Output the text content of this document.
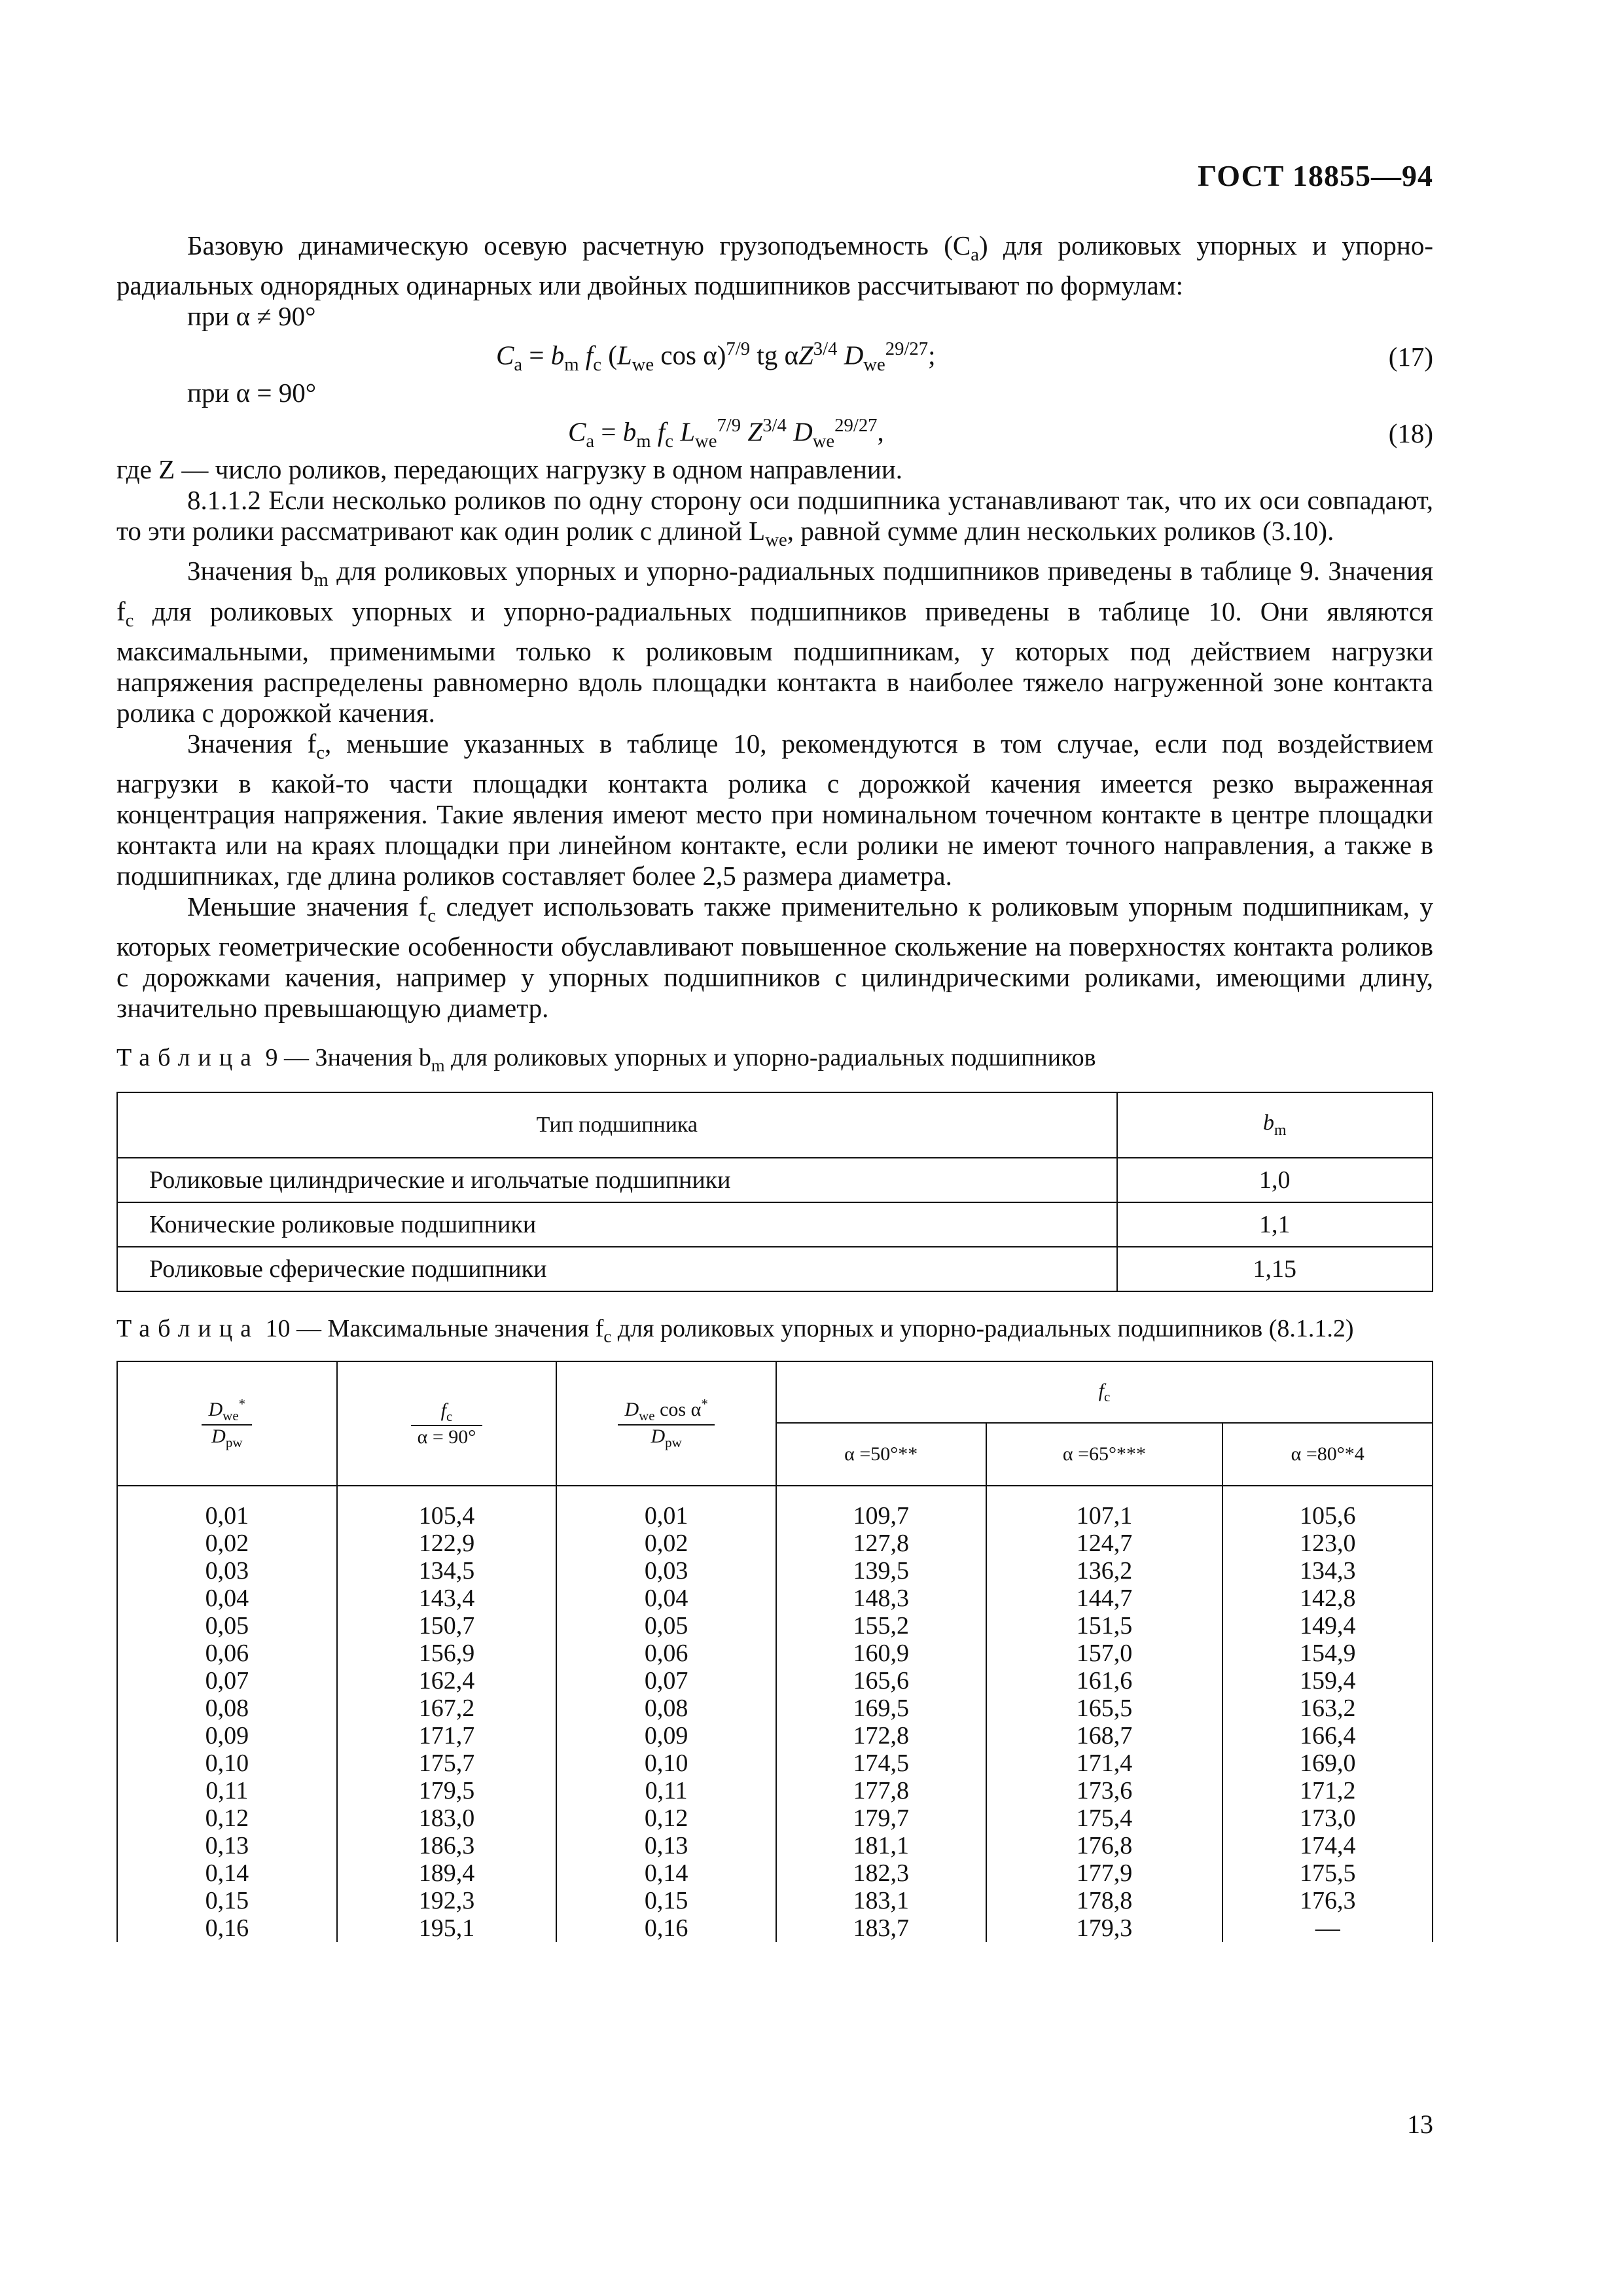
ГОСТ 18855—94

Базовую динамическую осевую расчетную грузоподъемность $(C_a)$ для роликовых упорных и упорно-радиальных однорядных одинарных или двойных подшипников рассчитывают по формулам:

при α ≠ 90°
$C_a = b_m$ $f_c$ ($L_{we}$ cos α)$^{7/9}$ tg $\alpha Z^{3/4}$ $D_{we}^{29/27}$;	(17)
при α = 90°
$C_a = b_m$ $f_c$ $L_{we}^{7/9}$ $Z^{3/4}$ $D_{we}^{29/27}$,	(18)

где Z — число роликов, передающих нагрузку в одном направлении.

8.1.1.2 Если несколько роликов по одну сторону оси подшипника устанавливают так, что их оси совпадают, то эти ролики рассматривают как один ролик с длиной $L_{we}$, равной сумме длин нескольких роликов (3.10).

Значения $b_m$ для роликовых упорных и упорно-радиальных подшипников приведены в таблице 9. Значения $f_c$ для роликовых упорных и упорно-радиальных подшипников приведены в таблице 10. Они являются максимальными, применимыми только к роликовым подшипникам, у которых под действием нагрузки напряжения распределены равномерно вдоль площадки контакта в наиболее тяжело нагруженной зоне контакта ролика с дорожкой качения.

Значения $f_c$, меньшие указанных в таблице 10, рекомендуются в том случае, если под воздействием нагрузки в какой-то части площадки контакта ролика с дорожкой качения имеется резко выраженная концентрация напряжения. Такие явления имеют место при номинальном точечном контакте в центре площадки контакта или на краях площадки при линейном контакте, если ролики не имеют точного направления, а также в подшипниках, где длина роликов составляет более 2,5 размера диаметра.

Меньшие значения $f_c$ следует использовать также применительно к роликовым упорным подшипникам, у которых геометрические особенности обуславливают повышенное скольжение на поверхностях контакта роликов с дорожками качения, например у упорных подшипников с цилиндрическими роликами, имеющими длину, значительно превышающую диаметр.

Таблица 9 — Значения $b_m$ для роликовых упорных и упорно-радиальных подшипников
Тип подшипника	$b_m$
Роликовые цилиндрические и игольчатые подшипники	1,0
Конические роликовые подшипники	1,1
Роликовые сферические подшипники	1,15
Таблица 10 — Максимальные значения $f_c$ для роликовых упорных и упорно-радиальных подшипников (8.1.1.2)
$\frac{D_{we}^*}{D_{pw}}$	$\frac{f_c}{\alpha = 90^\circ}$	$\frac{D_{we} \cos \alpha^*}{D_{pw}}$	$f_c$
			α =50°**	α =65°***	α =80°*4
0,01	105,4	0,01	109,7	107,1	105,6
0,02	122,9	0,02	127,8	124,7	123,0
0,03	134,5	0,03	139,5	136,2	134,3
0,04	143,4	0,04	148,3	144,7	142,8
0,05	150,7	0,05	155,2	151,5	149,4
0,06	156,9	0,06	160,9	157,0	154,9
0,07	162,4	0,07	165,6	161,6	159,4
0,08	167,2	0,08	169,5	165,5	163,2
0,09	171,7	0,09	172,8	168,7	166,4
0,10	175,7	0,10	174,5	171,4	169,0
0,11	179,5	0,11	177,8	173,6	171,2
0,12	183,0	0,12	179,7	175,4	173,0
0,13	186,3	0,13	181,1	176,8	174,4
0,14	189,4	0,14	182,3	177,9	175,5
0,15	192,3	0,15	183,1	178,8	176,3
0,16	195,1	0,16	183,7	179,3	—
13
